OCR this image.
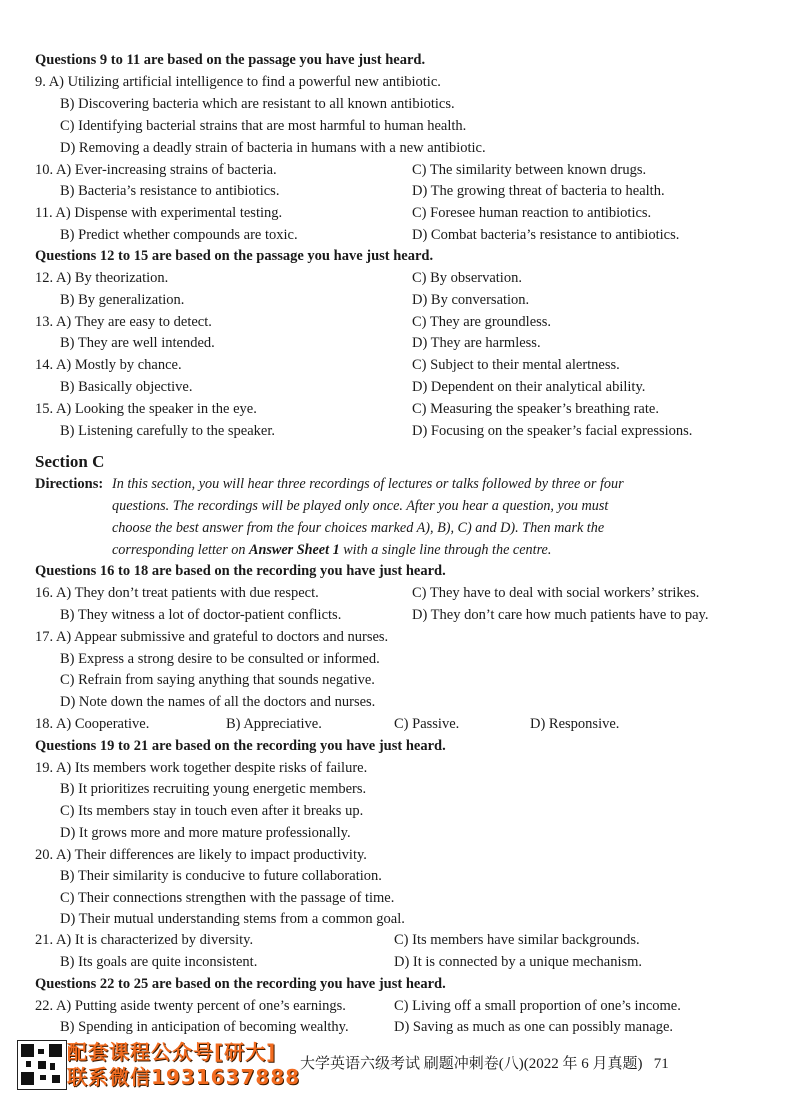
Questions 9 to 11 are based on the passage you have just heard.
9. A) Utilizing artificial intelligence to find a powerful new antibiotic.
B) Discovering bacteria which are resistant to all known antibiotics.
C) Identifying bacterial strains that are most harmful to human health.
D) Removing a deadly strain of bacteria in humans with a new antibiotic.
10. A) Ever-increasing strains of bacteria.	C) The similarity between known drugs.
B) Bacteria’s resistance to antibiotics.	D) The growing threat of bacteria to health.
11. A) Dispense with experimental testing.	C) Foresee human reaction to antibiotics.
B) Predict whether compounds are toxic.	D) Combat bacteria’s resistance to antibiotics.
Questions 12 to 15 are based on the passage you have just heard.
12. A) By theorization.	C) By observation.
B) By generalization.	D) By conversation.
13. A) They are easy to detect.	C) They are groundless.
B) They are well intended.	D) They are harmless.
14. A) Mostly by chance.	C) Subject to their mental alertness.
B) Basically objective.	D) Dependent on their analytical ability.
15. A) Looking the speaker in the eye.	C) Measuring the speaker’s breathing rate.
B) Listening carefully to the speaker.	D) Focusing on the speaker’s facial expressions.
Section C
Directions: In this section, you will hear three recordings of lectures or talks followed by three or four
questions. The recordings will be played only once. After you hear a question, you must
choose the best answer from the four choices marked A), B), C) and D). Then mark the
corresponding letter on Answer Sheet 1 with a single line through the centre.
Questions 16 to 18 are based on the recording you have just heard.
16. A) They don’t treat patients with due respect.	C) They have to deal with social workers’ strikes.
B) They witness a lot of doctor-patient conflicts.	D) They don’t care how much patients have to pay.
17. A) Appear submissive and grateful to doctors and nurses.
B) Express a strong desire to be consulted or informed.
C) Refrain from saying anything that sounds negative.
D) Note down the names of all the doctors and nurses.
18. A) Cooperative.	B) Appreciative.	C) Passive.	D) Responsive.
Questions 19 to 21 are based on the recording you have just heard.
19. A) Its members work together despite risks of failure.
B) It prioritizes recruiting young energetic members.
C) Its members stay in touch even after it breaks up.
D) It grows more and more mature professionally.
20. A) Their differences are likely to impact productivity.
B) Their similarity is conducive to future collaboration.
C) Their connections strengthen with the passage of time.
D) Their mutual understanding stems from a common goal.
21. A) It is characterized by diversity.	C) Its members have similar backgrounds.
B) Its goals are quite inconsistent.	D) It is connected by a unique mechanism.
Questions 22 to 25 are based on the recording you have just heard.
22. A) Putting aside twenty percent of one’s earnings.	C) Living off a small proportion of one’s income.
B) Spending in anticipation of becoming wealthy.	D) Saving as much as one can possibly manage.
大学英语六级考试 刷题冲刺卷(八)(2022 年 6 月真题) 71
配套课程公众号[研大]
联系微信1931637888
